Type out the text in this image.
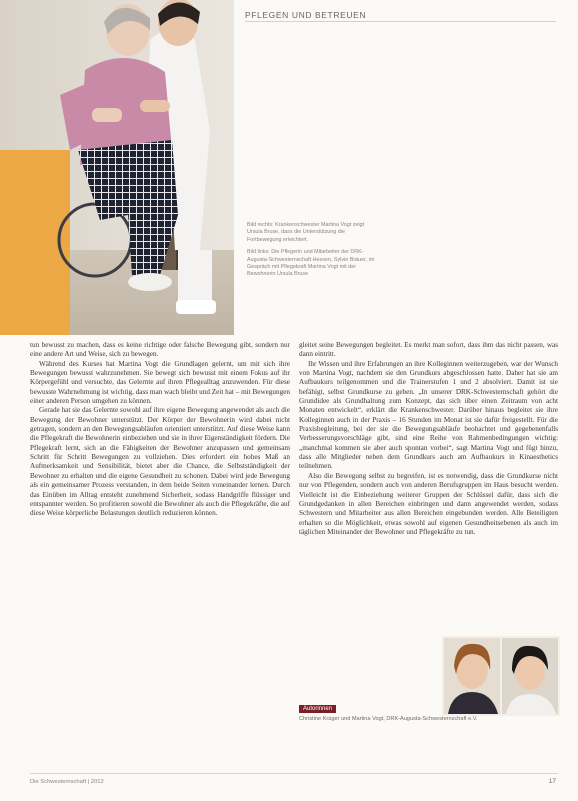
PFLEGEN UND BETREUEN

Bild rechts: Krankenschwester Martina Vogt zeigt Ursula Bruse, dass die Unterstützung die Fortbewegung erleichtert.

Bild links: Die Pflegerin und Mitarbeiter der DRK-Augusta-Schwesternschaft Hessen, Sylvie Bräuer, im Gespräch mit Pflegekraft Martina Vogt mit der Bewohnerin Ursula Bruse

tun bewusst zu machen, dass es keine richtige oder falsche Bewegung gibt, sondern nur eine andere Art und Weise, sich zu bewegen.

Während des Kurses hat Martina Vogt die Grundlagen gelernt, um mit sich ihre Bewegungen bewusst wahrzunehmen. Sie bewegt sich bewusst mit einem Fokus auf ihr Körpergefühl und versuchte, das Gelernte auf ihren Pflegealltag anzuwenden. Für diese bewusste Wahrnehmung ist wichtig, dass man wach bleibt und Zeit hat – mit Bewegungen einer anderen Person umgehen zu können.

Gerade hat sie das Gelernte sowohl auf ihre eigene Bewegung angewendet als auch die Bewegung der Bewohner unterstützt. Der Körper der Bewohnerin wird dabei nicht getragen, sondern an den Bewegungsabläufen orientiert unterstützt. Auf diese Weise kann die Pflegekraft die Bewohnerin einbeziehen und sie in ihrer Eigenständigkeit fördern. Die Pflegekraft lernt, sich an die Fähigkeiten der Bewohner anzupassen und gemeinsam Schritt für Schritt Bewegungen zu vollziehen. Dies erfordert ein hohes Maß an Aufmerksamkeit und Sensibilität, bietet aber die Chance, die Selbstständigkeit der Bewohner zu erhalten und die eigene Gesundheit zu schonen. Dabei wird jede Bewegung als ein gemeinsamer Prozess verstanden, in dem beide Seiten voneinander lernen. Durch das Einüben im Alltag entsteht zunehmend Sicherheit, sodass Handgriffe flüssiger und entspannter werden. So profitieren sowohl die Bewohner als auch die Pflegekräfte, die auf diese Weise körperliche Belastungen deutlich reduzieren können.

gleitet seine Bewegungen begleitet. Es merkt man sofort, dass ihm das nicht passen, was dann eintritt.

Ihr Wissen und ihre Erfahrungen an ihre Kolleginnen weiterzugeben, war der Wunsch von Martina Vogt, nachdem sie den Grundkurs abgeschlossen hatte. Daher hat sie am Aufbaukurs teilgenommen und die Trainerstufen 1 und 2 absolviert. Damit ist sie befähigt, selbst Grundkurse zu geben. „In unserer DRK-Schwesternschaft gehört die Grundidee als Grundhaltung zum Konzept, das sich über einen Zeitraum von acht Monaten entwickelt“, erklärt die Krankenschwester. Darüber hinaus begleitet sie ihre Kolleginnen auch in der Praxis – 16 Stunden im Monat ist sie dafür freigestellt. Für die Praxisbegleitung, bei der sie die Bewegungsabläufe beobachtet und gegebenenfalls Verbesserungsvorschläge gibt, sind eine Reihe von Rahmenbedingungen wichtig: „manchmal kommen sie aber auch spontan vorbei“, sagt Martina Vogt und fügt hinzu, dass alle Mitglieder neben dem Grundkurs auch am Aufbaukurs in Kinaesthetics teilnehmen.

Also die Bewegung selbst zu begreifen, ist es notwendig, dass die Grundkurse nicht nur von Pflegenden, sondern auch von anderen Berufsgruppen im Haus besucht werden. Vielleicht ist die Einbeziehung weiterer Gruppen der Schlüssel dafür, dass sich die Grundgedanken in allen Bereichen einbringen und dann angewendet werden, sodass Schwestern und Mitarbeiter aus allen Bereichen eingebunden werden. Alle Beteiligten erhalten so die Möglichkeit, etwas sowohl auf eigenen Gesundheitsebenen als auch im täglichen Miteinander der Bewohner und Pflegekräfte zu tun.

Autorinnen
Christine Krüger und Martina Vogt, DRK-Augusta-Schwesternschaft e.V.
Die Schwesternschaft | 2012	17
